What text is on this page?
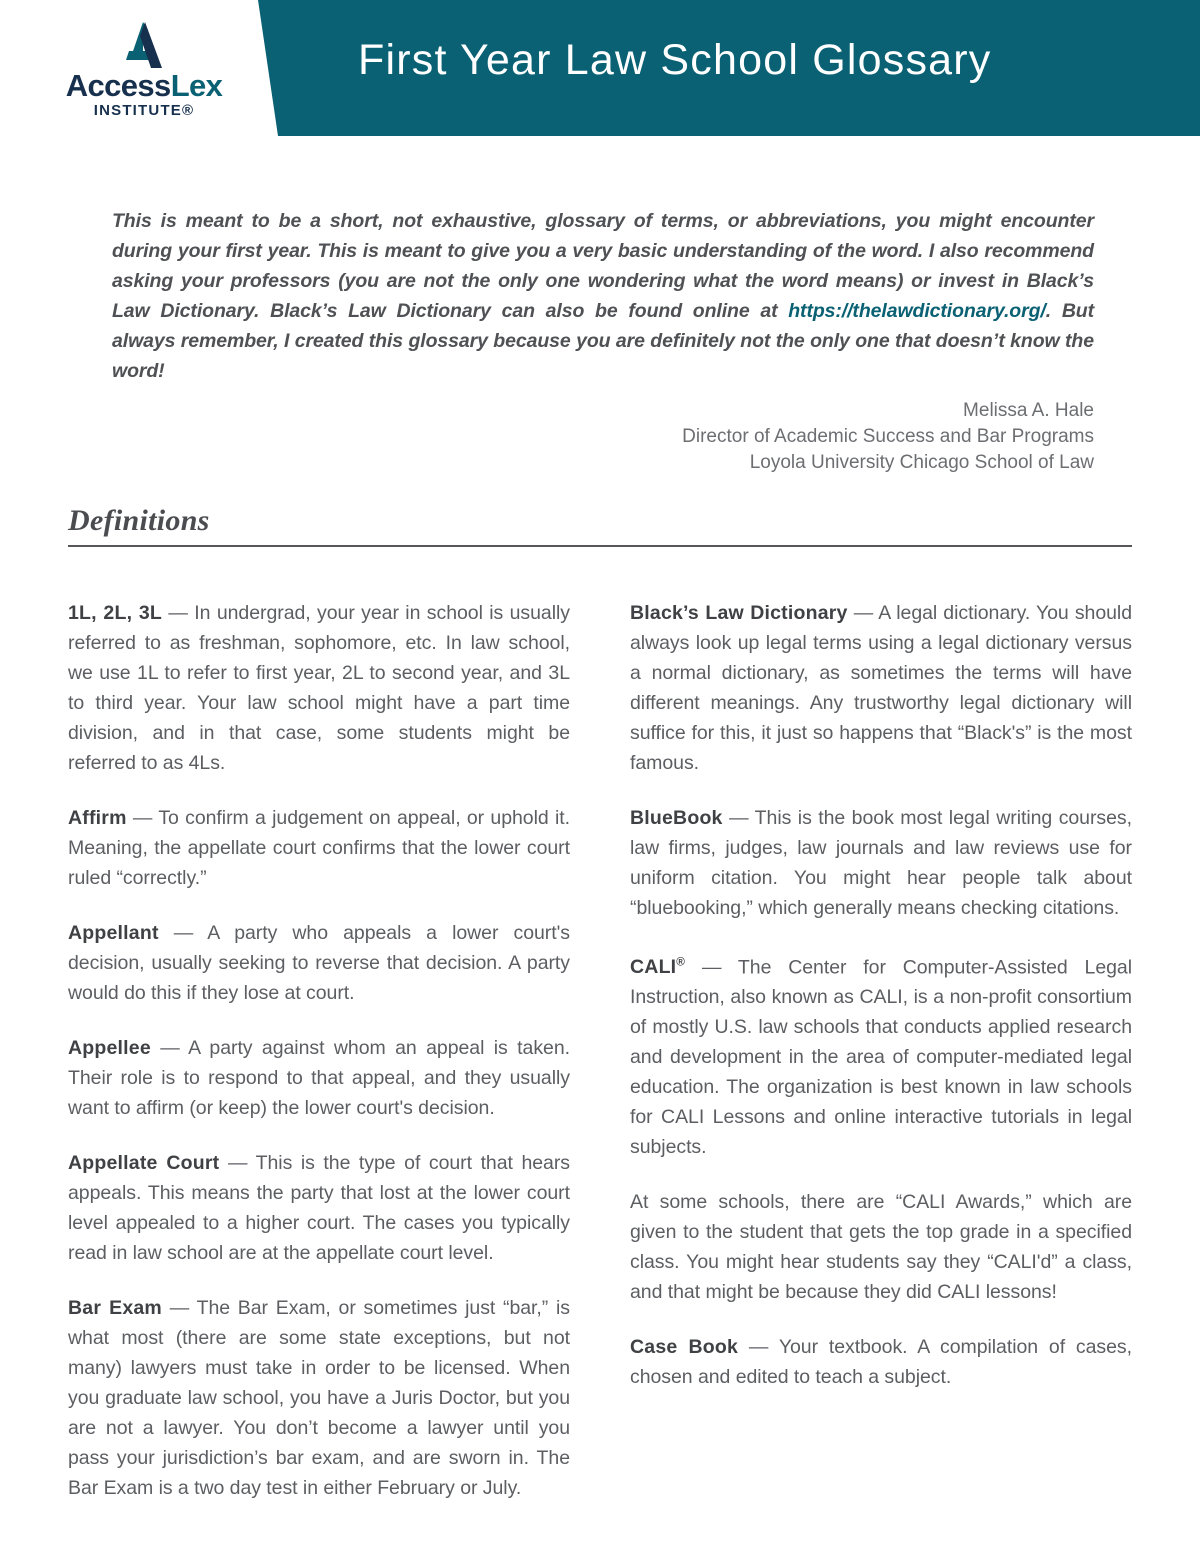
AccessLex
INSTITUTE®
First Year Law School Glossary
This is meant to be a short, not exhaustive, glossary of terms, or abbreviations, you might encounter during your first year. This is meant to give you a very basic understanding of the word. I also recommend asking your professors (you are not the only one wondering what the word means) or invest in Black’s Law Dictionary. Black’s Law Dictionary can also be found online at https://thelawdictionary.org/. But always remember, I created this glossary because you are definitely not the only one that doesn’t know the word!
Melissa A. Hale
Director of Academic Success and Bar Programs
Loyola University Chicago School of Law
Definitions

1L, 2L, 3L — In undergrad, your year in school is usually referred to as freshman, sophomore, etc. In law school, we use 1L to refer to first year, 2L to second year, and 3L to third year. Your law school might have a part time division, and in that case, some students might be referred to as 4Ls.

Affirm — To confirm a judgement on appeal, or uphold it. Meaning, the appellate court confirms that the lower court ruled “correctly.”

Appellant — A party who appeals a lower court's decision, usually seeking to reverse that decision. A party would do this if they lose at court.

Appellee — A party against whom an appeal is taken. Their role is to respond to that appeal, and they usually want to affirm (or keep) the lower court's decision.

Appellate Court — This is the type of court that hears appeals. This means the party that lost at the lower court level appealed to a higher court. The cases you typically read in law school are at the appellate court level.

Bar Exam — The Bar Exam, or sometimes just “bar,” is what most (there are some state exceptions, but not many) lawyers must take in order to be licensed. When you graduate law school, you have a Juris Doctor, but you are not a lawyer. You don’t become a lawyer until you pass your jurisdiction’s bar exam, and are sworn in. The Bar Exam is a two day test in either February or July.

Black’s Law Dictionary — A legal dictionary. You should always look up legal terms using a legal dictionary versus a normal dictionary, as sometimes the terms will have different meanings. Any trustworthy legal dictionary will suffice for this, it just so happens that “Black's” is the most famous.

BlueBook — This is the book most legal writing courses, law firms, judges, law journals and law reviews use for uniform citation. You might hear people talk about “bluebooking,” which generally means checking citations.

CALI® — The Center for Computer-Assisted Legal Instruction, also known as CALI, is a non-profit consortium of mostly U.S. law schools that conducts applied research and development in the area of computer-mediated legal education. The organization is best known in law schools for CALI Lessons and online interactive tutorials in legal subjects.

At some schools, there are “CALI Awards,” which are given to the student that gets the top grade in a specified class. You might hear students say they “CALI'd” a class, and that might be because they did CALI lessons!

Case Book — Your textbook. A compilation of cases, chosen and edited to teach a subject.
